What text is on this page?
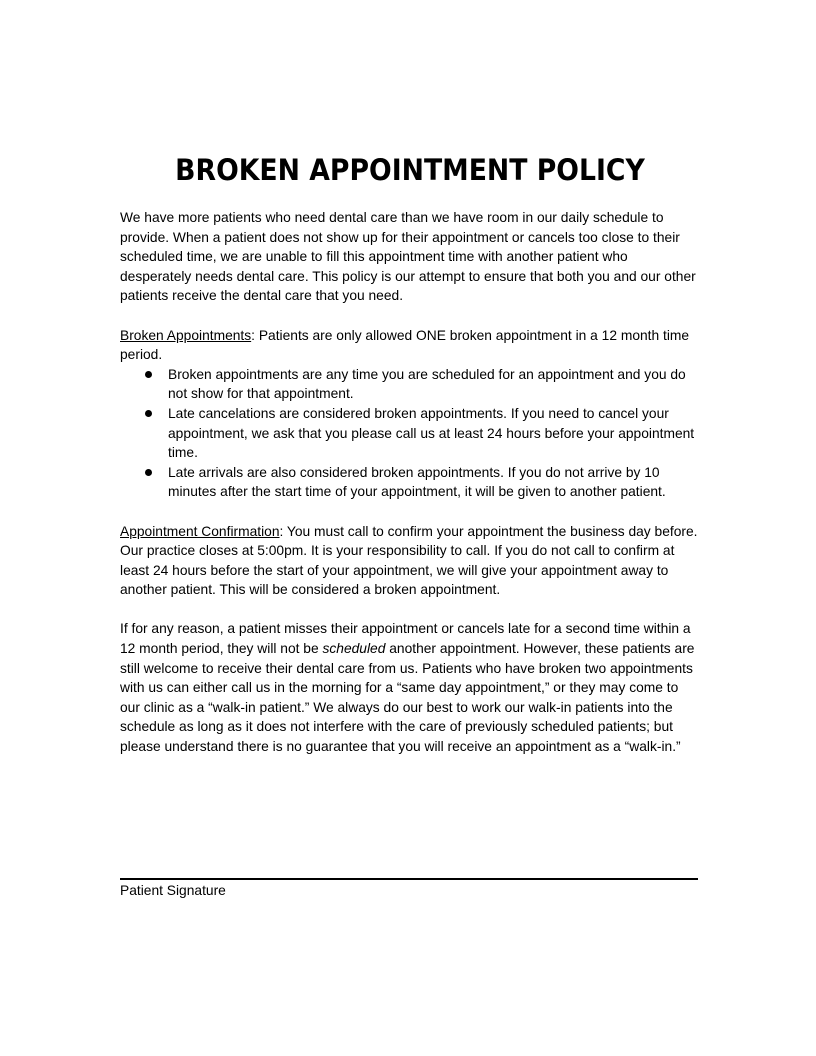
BROKEN APPOINTMENT POLICY

We have more patients who need dental care than we have room in our daily schedule to provide. When a patient does not show up for their appointment or cancels too close to their scheduled time, we are unable to fill this appointment time with another patient who desperately needs dental care. This policy is our attempt to ensure that both you and our other patients receive the dental care that you need.

Broken Appointments: Patients are only allowed ONE broken appointment in a 12 month time period.

Broken appointments are any time you are scheduled for an appointment and you do not show for that appointment.
Late cancelations are considered broken appointments. If you need to cancel your appointment, we ask that you please call us at least 24 hours before your appointment time.
Late arrivals are also considered broken appointments. If you do not arrive by 10 minutes after the start time of your appointment, it will be given to another patient.

Appointment Confirmation: You must call to confirm your appointment the business day before. Our practice closes at 5:00pm. It is your responsibility to call. If you do not call to confirm at least 24 hours before the start of your appointment, we will give your appointment away to another patient. This will be considered a broken appointment.

If for any reason, a patient misses their appointment or cancels late for a second time within a 12 month period, they will not be scheduled another appointment. However, these patients are still welcome to receive their dental care from us. Patients who have broken two appointments with us can either call us in the morning for a “same day appointment,” or they may come to our clinic as a “walk-in patient.” We always do our best to work our walk-in patients into the schedule as long as it does not interfere with the care of previously scheduled patients; but please understand there is no guarantee that you will receive an appointment as a “walk-in.”

Patient Signature
